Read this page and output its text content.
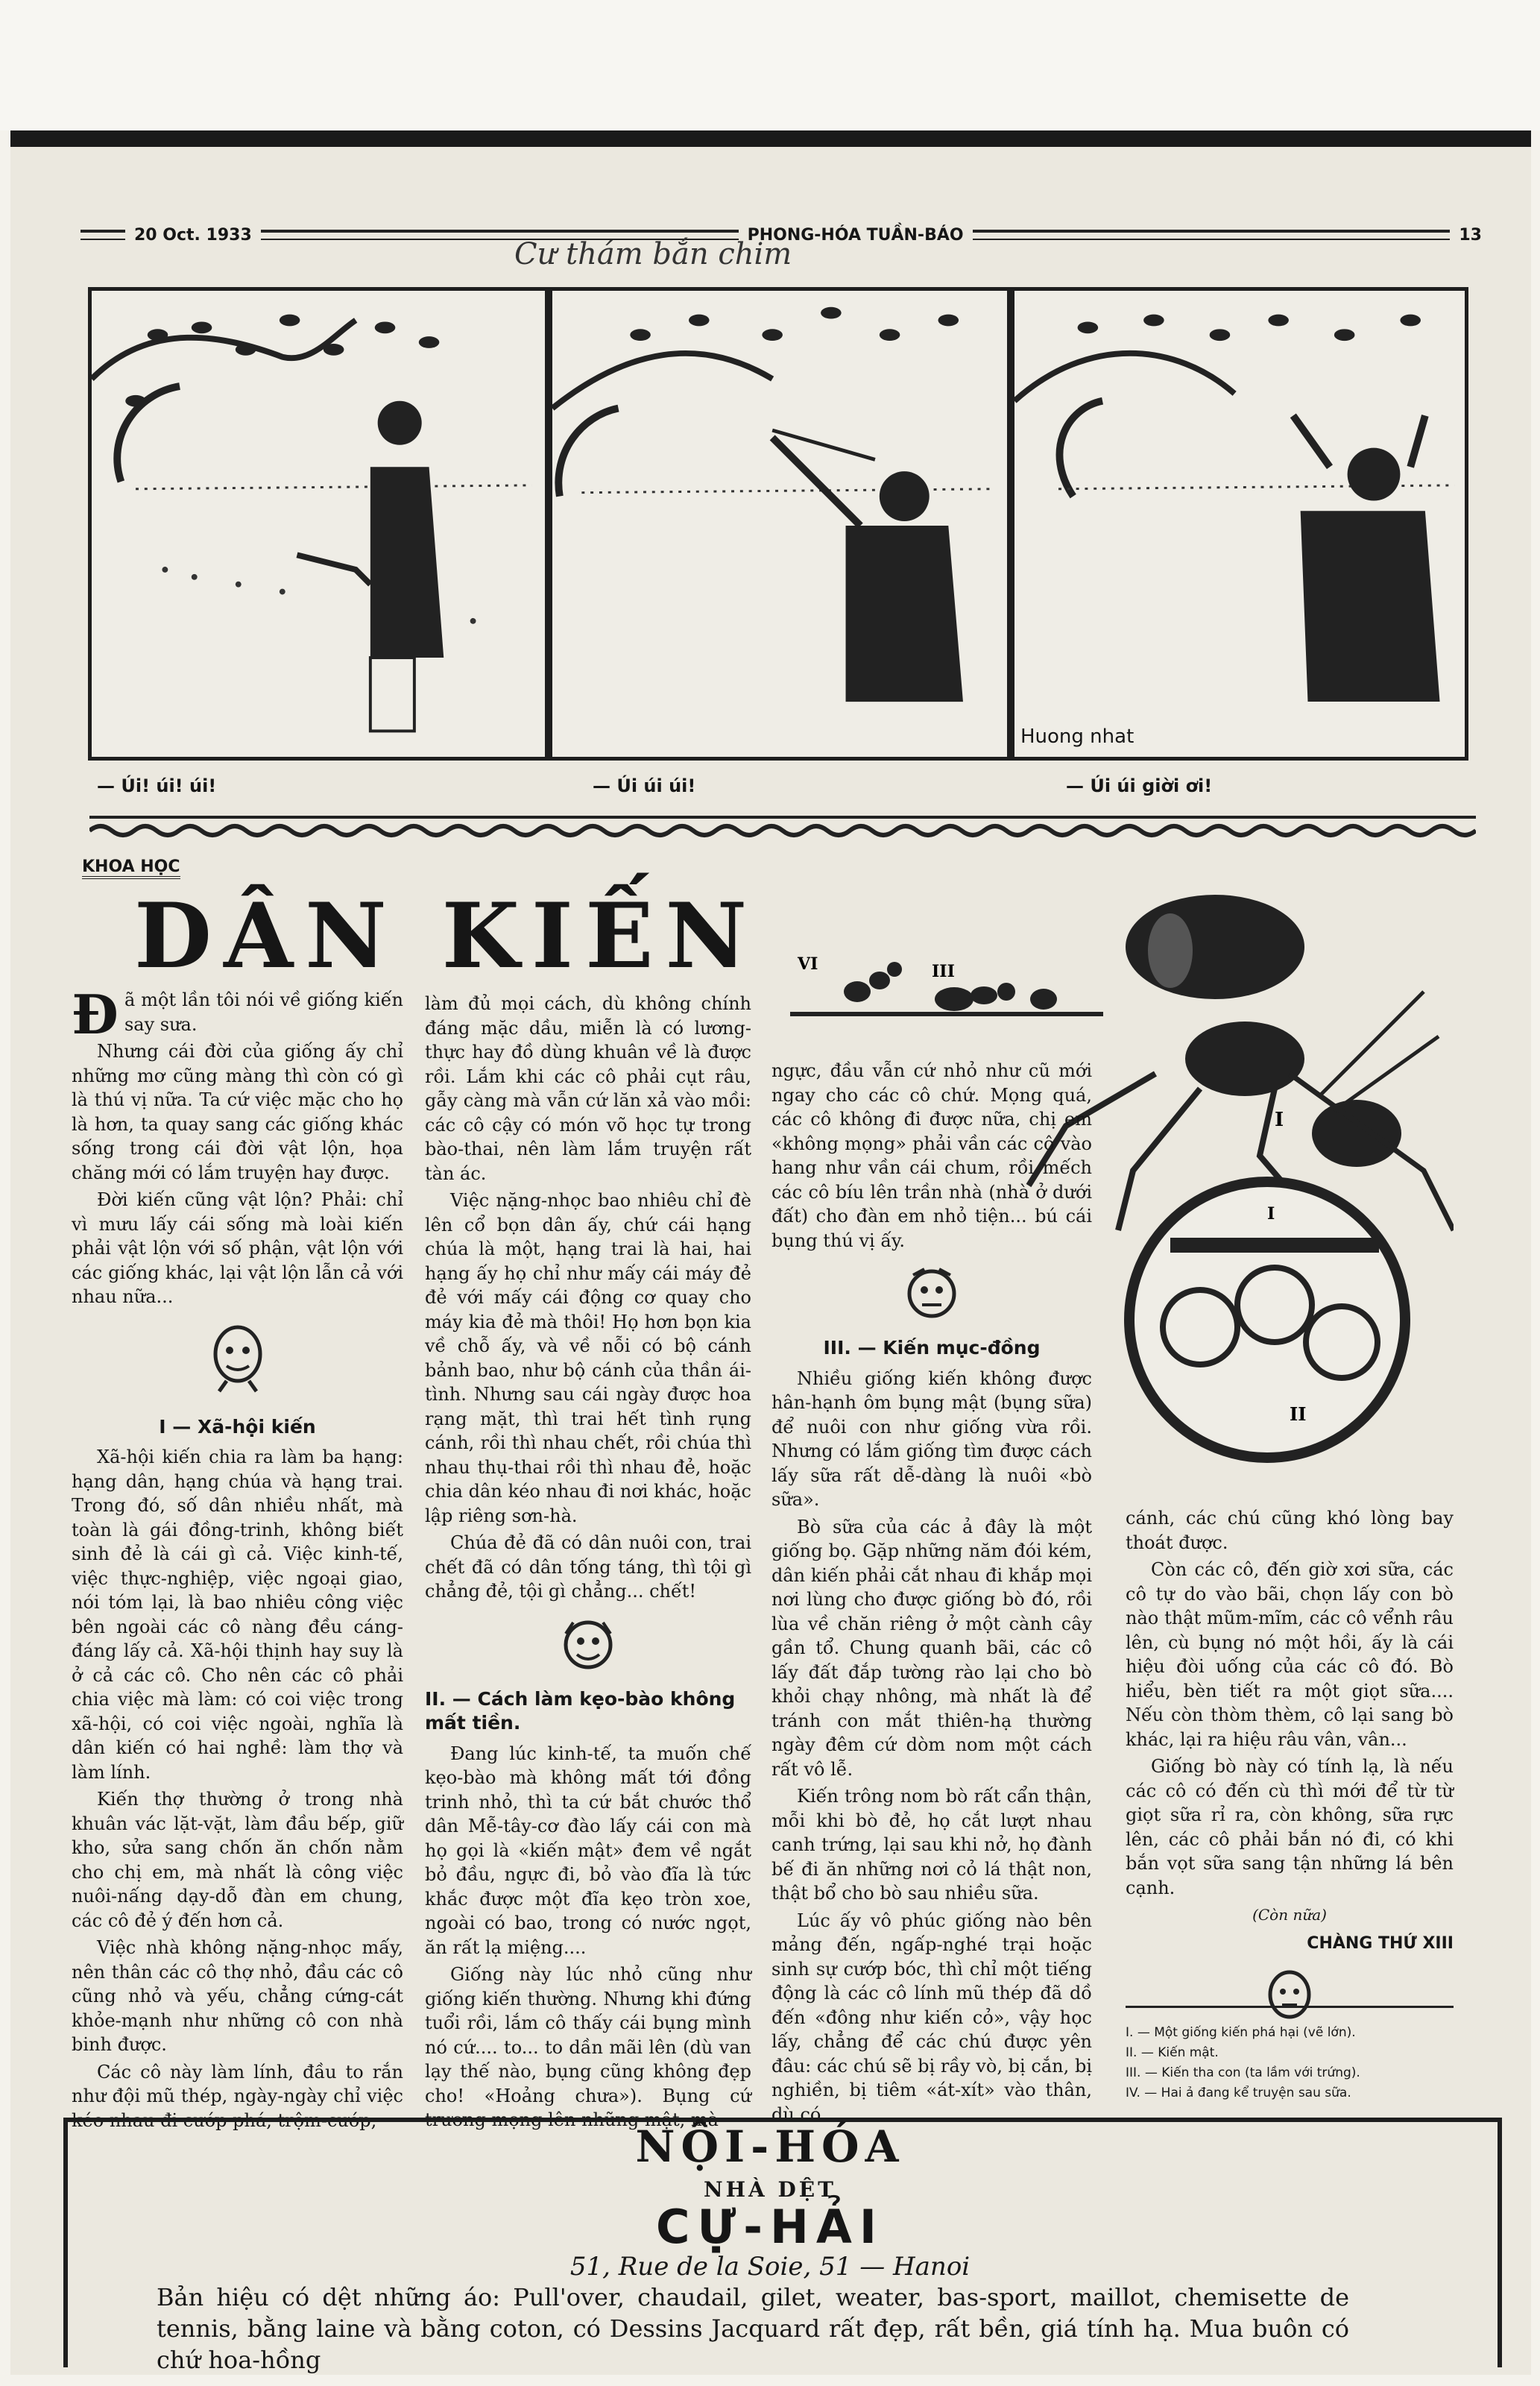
20 Oct. 1933	PHONG-HÓA TUẦN-BÁO	13
Cư thám bắn chim
Huong nhat
— Úi! úi! úi!	— Úi úi úi!	— Úi úi giời ơi!
KHOA HỌC
DÂN KIẾN VI	III
I
II
I

Đã một lần tôi nói về giống kiến say sưa.

Nhưng cái đời của giống ấy chỉ những mơ cũng màng thì còn có gì là thú vị nữa. Ta cứ việc mặc cho họ là hơn, ta quay sang các giống khác sống trong cái đời vật lộn, họa chăng mới có lắm truyện hay được.

Đời kiến cũng vật lộn? Phải: chỉ vì mưu lấy cái sống mà loài kiến phải vật lộn với số phận, vật lộn với các giống khác, lại vật lộn lẫn cả với nhau nữa...

I — Xã-hội kiến

Xã-hội kiến chia ra làm ba hạng: hạng dân, hạng chúa và hạng trai. Trong đó, số dân nhiều nhất, mà toàn là gái đồng-trinh, không biết sinh đẻ là cái gì cả. Việc kinh-tế, việc thực-nghiệp, việc ngoại giao, nói tóm lại, là bao nhiêu công việc bên ngoài các cô nàng đều cáng-đáng lấy cả. Xã-hội thịnh hay suy là ở cả các cô. Cho nên các cô phải chia việc mà làm: có coi việc trong xã-hội, có coi việc ngoài, nghĩa là dân kiến có hai nghề: làm thợ và làm lính.

Kiến thợ thường ở trong nhà khuân vác lặt-vặt, làm đầu bếp, giữ kho, sửa sang chốn ăn chốn nằm cho chị em, mà nhất là công việc nuôi-nấng dạy-dỗ đàn em chung, các cô đẻ ý đến hơn cả.

Việc nhà không nặng-nhọc mấy, nên thân các cô thợ nhỏ, đầu các cô cũng nhỏ và yếu, chẳng cứng-cát khỏe-mạnh như những cô con nhà binh được.

Các cô này làm lính, đầu to rắn như đội mũ thép, ngày-ngày chỉ việc kéo nhau đi cướp phá, trộm-cướp,

làm đủ mọi cách, dù không chính đáng mặc dầu, miễn là có lương-thực hay đồ dùng khuân về là được rồi. Lắm khi các cô phải cụt râu, gẫy càng mà vẫn cứ lăn xả vào mồi: các cô cậy có món võ học tự trong bào-thai, nên làm lắm truyện rất tàn ác.

Việc nặng-nhọc bao nhiêu chỉ đè lên cổ bọn dân ấy, chứ cái hạng chúa là một, hạng trai là hai, hai hạng ấy họ chỉ như mấy cái máy đẻ đẻ với mấy cái động cơ quay cho máy kia đẻ mà thôi! Họ hơn bọn kia về chỗ ấy, và về nỗi có bộ cánh bảnh bao, như bộ cánh của thần ái-tình. Nhưng sau cái ngày được hoa rạng mặt, thì trai hết tình rụng cánh, rồi thì nhau chết, rồi chúa thì nhau thụ-thai rồi thì nhau đẻ, hoặc chia dân kéo nhau đi nơi khác, hoặc lập riêng sơn-hà.

Chúa đẻ đã có dân nuôi con, trai chết đã có dân tống táng, thì tội gì chẳng đẻ, tội gì chẳng... chết!

II. — Cách làm kẹo-bào không mất tiền.

Đang lúc kinh-tế, ta muốn chế kẹo-bào mà không mất tới đồng trinh nhỏ, thì ta cứ bắt chước thổ dân Mễ-tây-cơ đào lấy cái con mà họ gọi là «kiến mật» đem về ngắt bỏ đầu, ngực đi, bỏ vào đĩa là tức khắc được một đĩa kẹo tròn xoe, ngoài có bao, trong có nước ngọt, ăn rất lạ miệng....

Giống này lúc nhỏ cũng như giống kiến thường. Nhưng khi đứng tuổi rồi, lắm cô thấy cái bụng mình nó cứ.... to... to dần mãi lên (dù van lạy thế nào, bụng cũng không đẹp cho! «Hoảng chưa»). Bụng cứ trương mọng lên những mật, mà

ngực, đầu vẫn cứ nhỏ như cũ mới ngay cho các cô chứ. Mọng quá, các cô không đi được nữa, chị em «không mọng» phải vần các cô vào hang như vần cái chum, rồi mếch các cô bíu lên trần nhà (nhà ở dưới đất) cho đàn em nhỏ tiện... bú cái bụng thú vị ấy.

III. — Kiến mục-đồng

Nhiều giống kiến không được hân-hạnh ôm bụng mật (bụng sữa) để nuôi con như giống vừa rồi. Nhưng có lắm giống tìm được cách lấy sữa rất dễ-dàng là nuôi «bò sữa».

Bò sữa của các ả đây là một giống bọ. Gặp những năm đói kém, dân kiến phải cắt nhau đi khắp mọi nơi lùng cho được giống bò đó, rồi lùa về chăn riêng ở một cành cây gần tổ. Chung quanh bãi, các cô lấy đất đắp tường rào lại cho bò khỏi chạy nhông, mà nhất là để tránh con mắt thiên-hạ thường ngày đêm cứ dòm nom một cách rất vô lễ.

Kiến trông nom bò rất cẩn thận, mỗi khi bò đẻ, họ cắt lượt nhau canh trứng, lại sau khi nở, họ đành bế đi ăn những nơi cỏ lá thật non, thật bổ cho bò sau nhiều sữa.

Lúc ấy vô phúc giống nào bên mảng đến, ngấp-nghé trại hoặc sinh sự cướp bóc, thì chỉ một tiếng động là các cô lính mũ thép đã dồ đến «đông như kiến cỏ», vậy học lấy, chẳng để các chú được yên đâu: các chú sẽ bị rầy vò, bị cắn, bị nghiền, bị tiêm «át-xít» vào thân, dù có

cánh, các chú cũng khó lòng bay thoát được.

Còn các cô, đến giờ xơi sữa, các cô tự do vào bãi, chọn lấy con bò nào thật mũm-mĩm, các cô vểnh râu lên, cù bụng nó một hồi, ấy là cái hiệu đòi uống của các cô đó. Bò hiểu, bèn tiết ra một giọt sữa.... Nếu còn thòm thèm, cô lại sang bò khác, lại ra hiệu râu vân, vân...

Giống bò này có tính lạ, là nếu các cô có đến cù thì mới để từ từ giọt sữa rỉ ra, còn không, sữa rực lên, các cô phải bắn nó đi, có khi bắn vọt sữa sang tận những lá bên cạnh.

(Còn nữa)
CHÀNG THỨ XIII
I. — Một giống kiến phá hại (vẽ lớn).
II. — Kiến mật.
III. — Kiến tha con (ta lầm với trứng).
IV. — Hai ả đang kể truyện sau sữa.
NỘI-HÓA
NHÀ DỆT
CỰ-HẢI
51, Rue de la Soie, 51 — Hanoi
Bản hiệu có dệt những áo: Pull'over, chaudail, gilet, weater, bas-sport, maillot, chemisette de tennis, bằng laine và bằng coton, có Dessins Jacquard rất đẹp, rất bền, giá tính hạ. Mua buôn có chứ hoa-hồng
